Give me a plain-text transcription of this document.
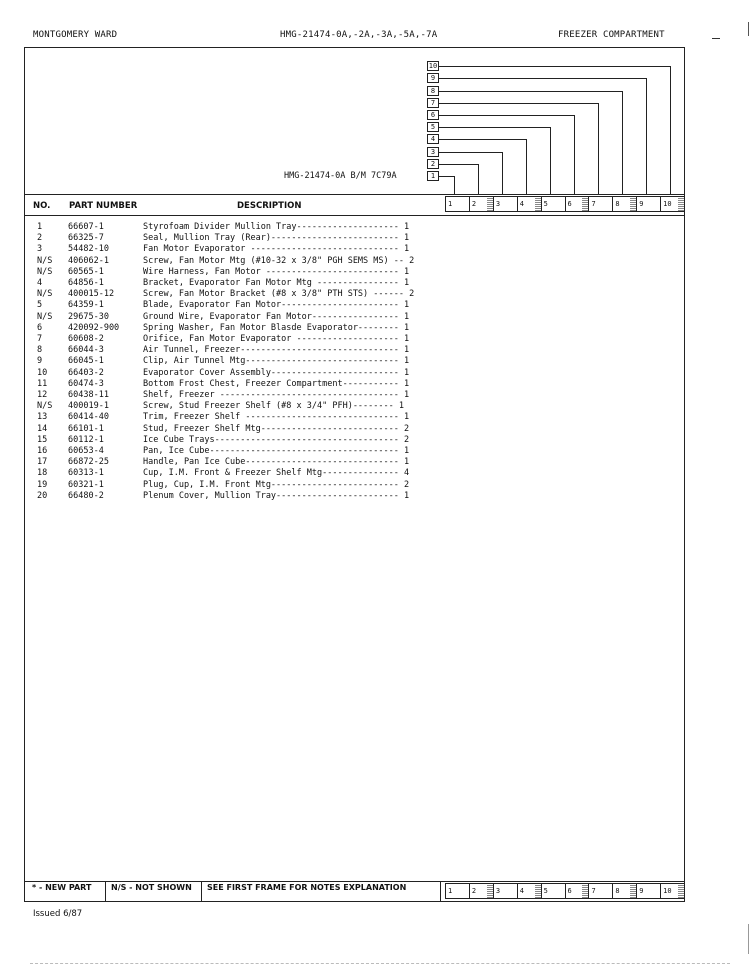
MONTGOMERY WARD	HMG-21474-0A,-2A,-3A,-5A,-7A	FREEZER COMPARTMENT
NO. PART NUMBER	DESCRIPTION	1	2	3	4	5	6	7	8	9	10
1	2	3	4	5	6	7	8	9	10
1
2
3
4
5
6
7
8
9
10
HMG-21474-0A B/M 7C79A
1	66607-1	Styrofoam Divider Mullion Tray-------------------- 1
2	66325-7	Seal, Mullion Tray (Rear)------------------------- 1
3	54482-10	Fan Motor Evaporator ----------------------------- 1
N/S 406062-1	Screw, Fan Motor Mtg (#10-32 x 3/8" PGH SEMS MS) -- 2
N/S 60565-1	Wire Harness, Fan Motor -------------------------- 1
4	64856-1	Bracket, Evaporator Fan Motor Mtg ---------------- 1
N/S 400015-12	Screw, Fan Motor Bracket (#8 x 3/8" PTH STS) ------ 2
5	64359-1	Blade, Evaporator Fan Motor----------------------- 1
N/S 29675-30	Ground Wire, Evaporator Fan Motor----------------- 1
6	420092-900	Spring Washer, Fan Motor Blasde Evaporator-------- 1
7	60608-2	Orifice, Fan Motor Evaporator -------------------- 1
8	66044-3	Air Tunnel, Freezer------------------------------- 1
9	66045-1	Clip, Air Tunnel Mtg------------------------------ 1
10 66403-2	Evaporator Cover Assembly------------------------- 1
11 60474-3	Bottom Frost Chest, Freezer Compartment----------- 1
12 60438-11	Shelf, Freezer ----------------------------------- 1
N/S 400019-1	Screw, Stud Freezer Shelf (#8 x 3/4" PFH)-------- 1
13 60414-40	Trim, Freezer Shelf ------------------------------ 1
14 66101-1	Stud, Freezer Shelf Mtg--------------------------- 2
15 60112-1	Ice Cube Trays------------------------------------ 2
16 60653-4	Pan, Ice Cube------------------------------------- 1
17 66872-25	Handle, Pan Ice Cube------------------------------ 1
18 60313-1	Cup, I.M. Front & Freezer Shelf Mtg--------------- 4
19 60321-1	Plug, Cup, I.M. Front Mtg------------------------- 2
20 66480-2	Plenum Cover, Mullion Tray------------------------ 1
* - NEW PART N/S - NOT SHOWN SEE FIRST FRAME FOR NOTES EXPLANATION
Issued 6/87
